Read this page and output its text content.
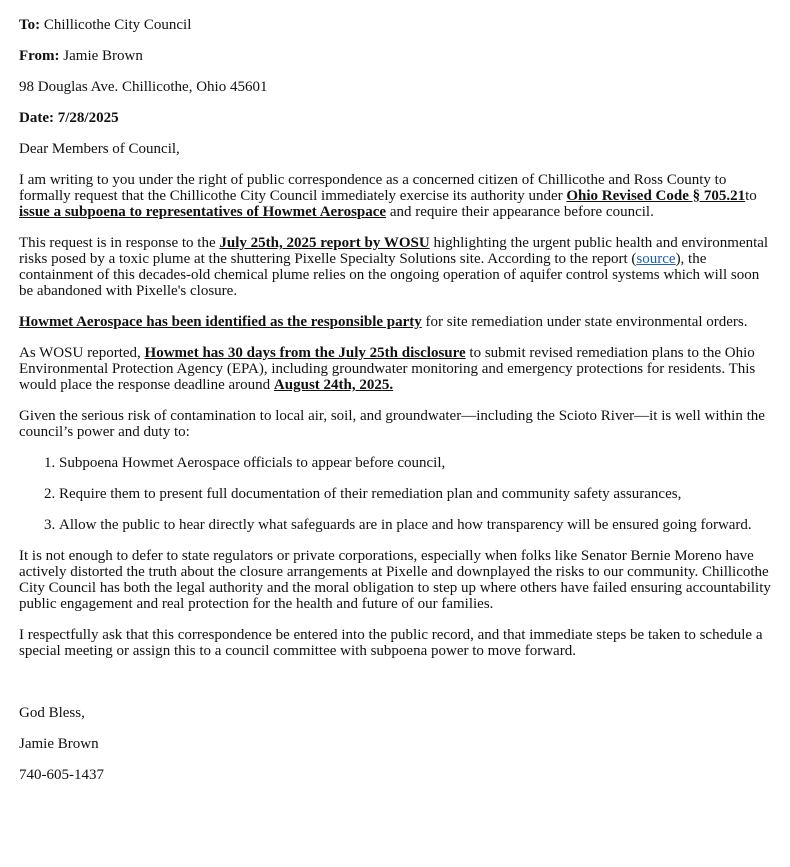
To: Chillicothe City Council
From: Jamie Brown
98 Douglas Ave. Chillicothe, Ohio 45601
Date: 7/28/2025
Dear Members of Council,
I am writing to you under the right of public correspondence as a concerned citizen of Chillicothe and Ross County to formally request that the Chillicothe City Council immediately exercise its authority under Ohio Revised Code § 705.21to issue a subpoena to representatives of Howmet Aerospace and require their appearance before council.
This request is in response to the July 25th, 2025 report by WOSU highlighting the urgent public health and environmental risks posed by a toxic plume at the shuttering Pixelle Specialty Solutions site. According to the report (source), the containment of this decades-old chemical plume relies on the ongoing operation of aquifer control systems which will soon be abandoned with Pixelle's closure.
Howmet Aerospace has been identified as the responsible party for site remediation under state environmental orders.
As WOSU reported, Howmet has 30 days from the July 25th disclosure to submit revised remediation plans to the Ohio Environmental Protection Agency (EPA), including groundwater monitoring and emergency protections for residents. This would place the response deadline around August 24th, 2025.
Given the serious risk of contamination to local air, soil, and groundwater—including the Scioto River—it is well within the council’s power and duty to:
1. Subpoena Howmet Aerospace officials to appear before council,
2. Require them to present full documentation of their remediation plan and community safety assurances,
3. Allow the public to hear directly what safeguards are in place and how transparency will be ensured going forward.
It is not enough to defer to state regulators or private corporations, especially when folks like Senator Bernie Moreno have actively distorted the truth about the closure arrangements at Pixelle and downplayed the risks to our community. Chillicothe City Council has both the legal authority and the moral obligation to step up where others have failed ensuring accountability public engagement and real protection for the health and future of our families.
I respectfully ask that this correspondence be entered into the public record, and that immediate steps be taken to schedule a special meeting or assign this to a council committee with subpoena power to move forward.
God Bless,
Jamie Brown
740-605-1437
